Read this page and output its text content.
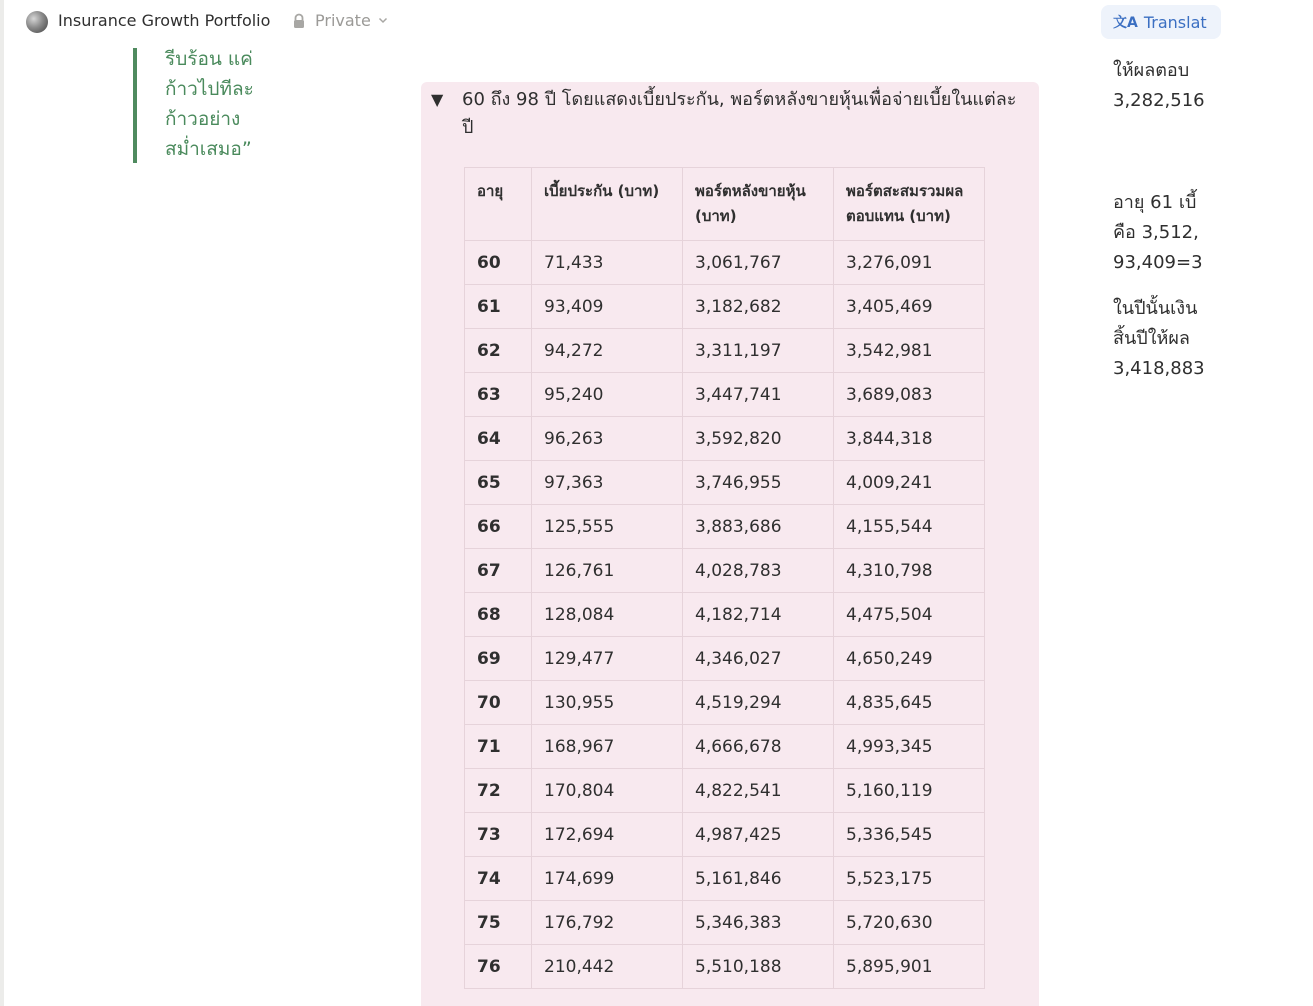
Insurance Growth Portfolio	Private	文A Translat
รีบร้อน แค่
ก้าวไปทีละ
ก้าวอย่าง
สม่ำเสมอ”
ให้ผลตอบ
3,282,516
อายุ 61 เบี้
คือ 3,512,
93,409=3
ในปีนั้นเงิน
สิ้นปีให้ผล
3,418,883
▼ 60 ถึง 98 ปี โดยแสดงเบี้ยประกัน, พอร์ตหลังขายหุ้นเพื่อจ่ายเบี้ยในแต่ละปี
อายุ	เบี้ยประกัน (บาท)	พอร์ตหลังขายหุ้น (บาท)	พอร์ตสะสมรวมผลตอบแทน (บาท)
60	71,433	3,061,767	3,276,091
61	93,409	3,182,682	3,405,469
62	94,272	3,311,197	3,542,981
63	95,240	3,447,741	3,689,083
64	96,263	3,592,820	3,844,318
65	97,363	3,746,955	4,009,241
66	125,555	3,883,686	4,155,544
67	126,761	4,028,783	4,310,798
68	128,084	4,182,714	4,475,504
69	129,477	4,346,027	4,650,249
70	130,955	4,519,294	4,835,645
71	168,967	4,666,678	4,993,345
72	170,804	4,822,541	5,160,119
73	172,694	4,987,425	5,336,545
74	174,699	5,161,846	5,523,175
75	176,792	5,346,383	5,720,630
76	210,442	5,510,188	5,895,901
